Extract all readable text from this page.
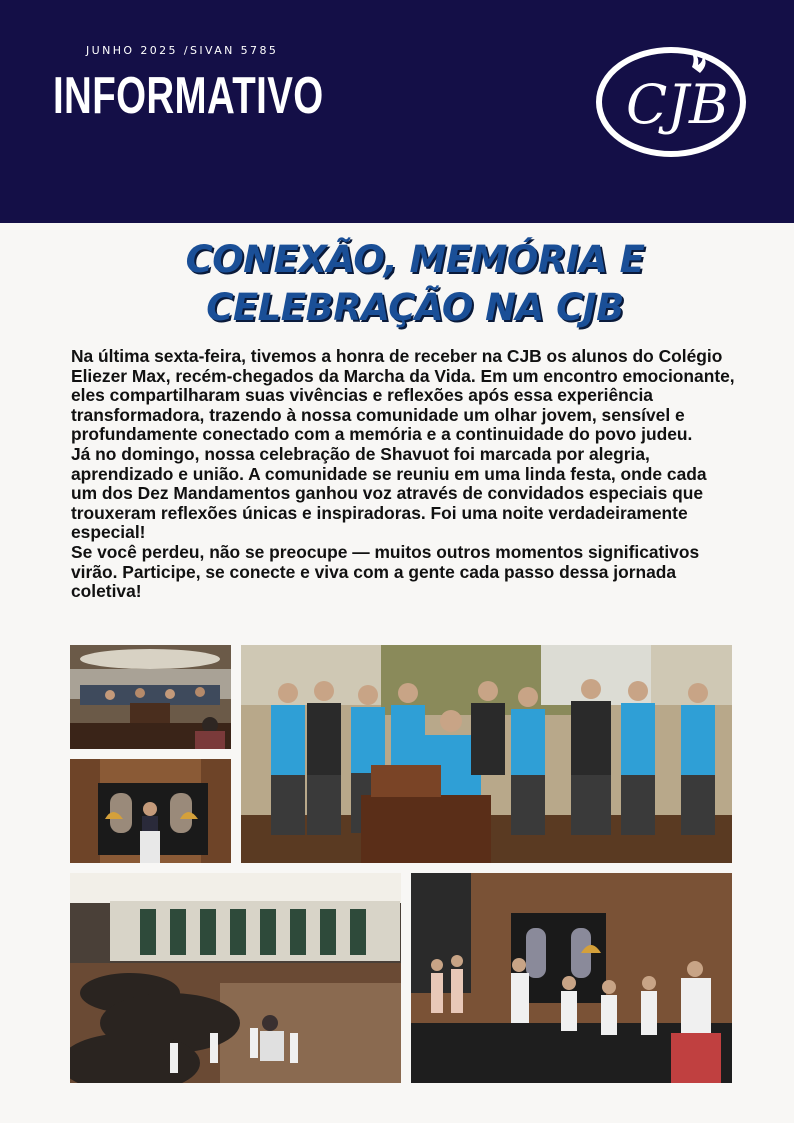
JUNHO 2025 /SIVAN 5785
INFORMATIVO	CJB
CONEXÃO, MEMÓRIA E
CELEBRAÇÃO NA CJB

Na última sexta-feira, tivemos a honra de receber na CJB os alunos do Colégio Eliezer Max, recém-chegados da Marcha da Vida. Em um encontro emocionante, eles compartilharam suas vivências e reflexões após essa experiência transformadora, trazendo à nossa comunidade um olhar jovem, sensível e profundamente conectado com a memória e a continuidade do povo judeu.

Já no domingo, nossa celebração de Shavuot foi marcada por alegria, aprendizado e união. A comunidade se reuniu em uma linda festa, onde cada um dos Dez Mandamentos ganhou voz através de convidados especiais que trouxeram reflexões únicas e inspiradoras. Foi uma noite verdadeiramente especial!

Se você perdeu, não se preocupe — muitos outros momentos significativos virão. Participe, se conecte e viva com a gente cada passo dessa jornada coletiva!
